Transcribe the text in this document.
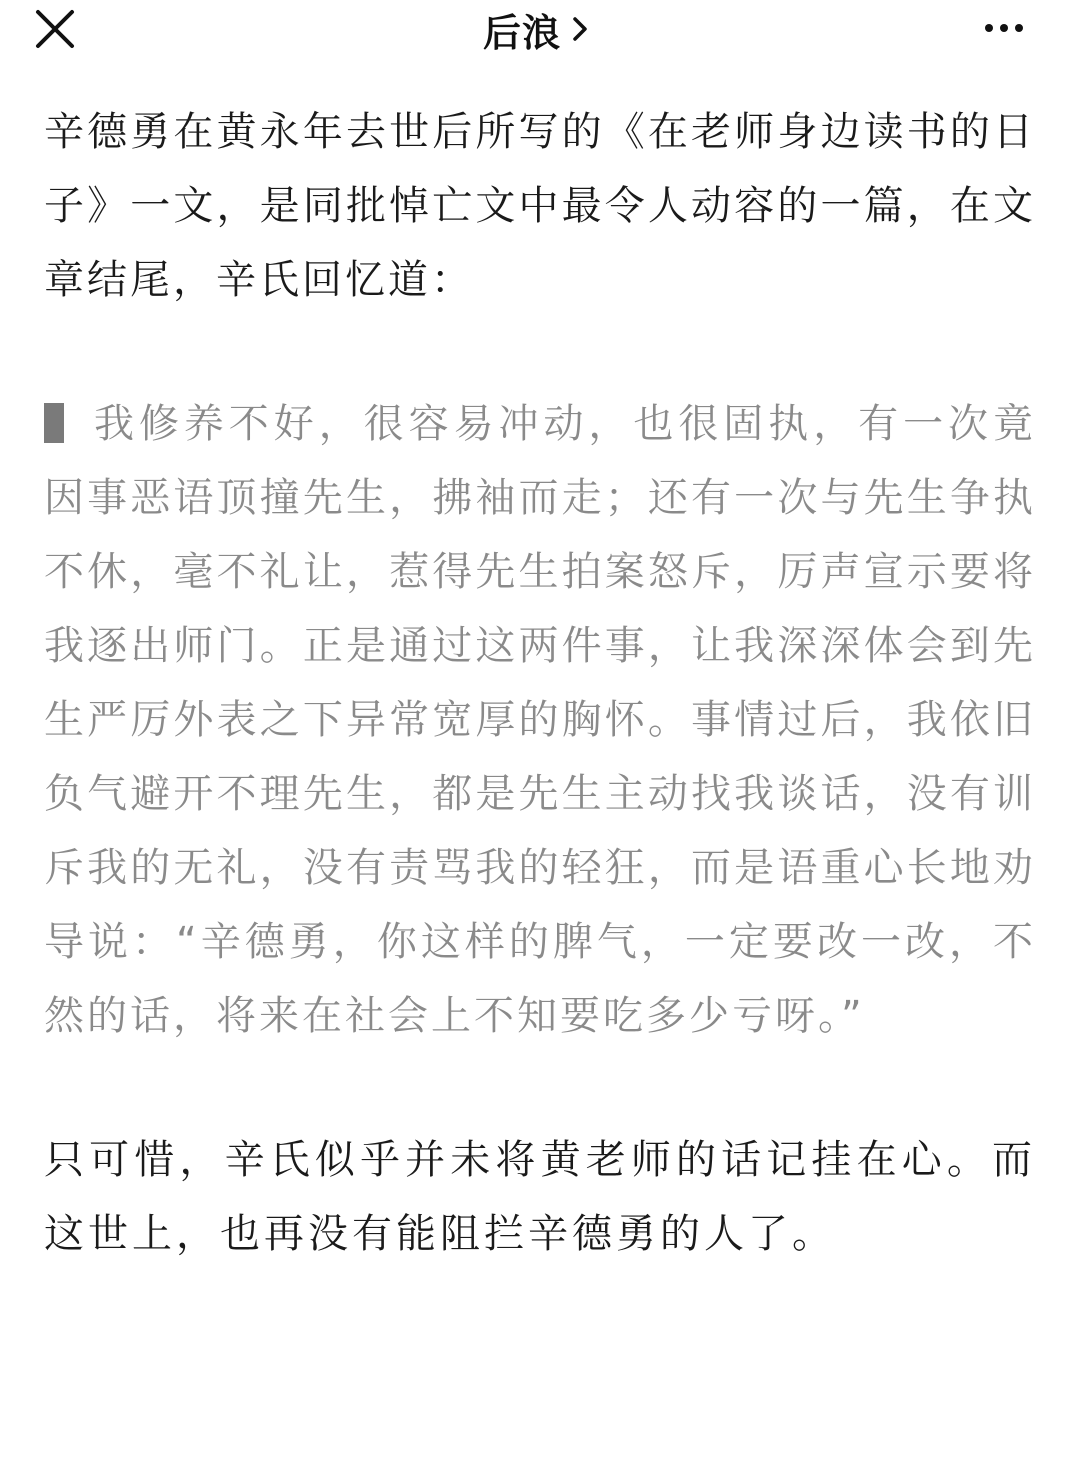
后浪

辛德勇在黄永年去世后所写的《在老师身边读书的日子》一文，是同批悼亡文中最令人动容的一篇，在文章结尾，辛氏回忆道：

我修养不好，很容易冲动，也很固执，有一次竟因事恶语顶撞先生，拂袖而走；还有一次与先生争执不休，毫不礼让，惹得先生拍案怒斥，厉声宣示要将我逐出师门。正是通过这两件事，让我深深体会到先生严厉外表之下异常宽厚的胸怀。事情过后，我依旧负气避开不理先生，都是先生主动找我谈话，没有训斥我的无礼，没有责骂我的轻狂，而是语重心长地劝导说：“辛德勇，你这样的脾气，一定要改一改，不然的话，将来在社会上不知要吃多少亏呀。”

只可惜，辛氏似乎并未将黄老师的话记挂在心。而这世上，也再没有能阻拦辛德勇的人了。
